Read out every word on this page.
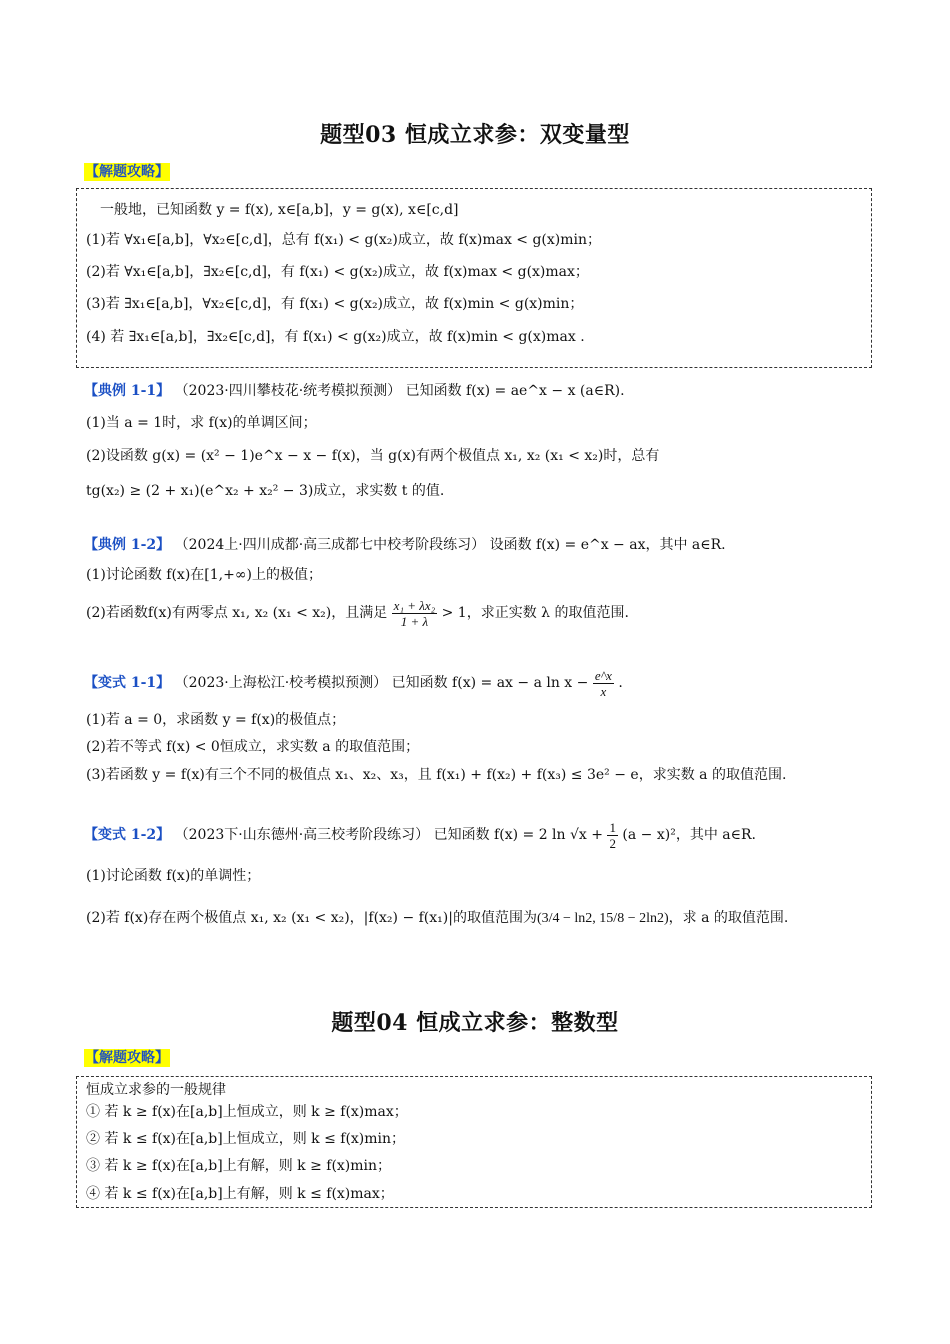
题型03 恒成立求参：双变量型
【解题攻略】
一般地，已知函数 y = f(x), x∈[a,b]，y = g(x), x∈[c,d]
(1)若 ∀x₁∈[a,b]，∀x₂∈[c,d]，总有 f(x₁) < g(x₂)成立，故 f(x)max < g(x)min；
(2)若 ∀x₁∈[a,b]，∃x₂∈[c,d]，有 f(x₁) < g(x₂)成立，故 f(x)max < g(x)max；
(3)若 ∃x₁∈[a,b]，∀x₂∈[c,d]，有 f(x₁) < g(x₂)成立，故 f(x)min < g(x)min；
(4) 若 ∃x₁∈[a,b]，∃x₂∈[c,d]，有 f(x₁) < g(x₂)成立，故 f(x)min < g(x)max .
【典例 1-1】 （2023·四川攀枝花·统考模拟预测） 已知函数 f(x) = ae^x − x (a∈R).
(1)当 a = 1时，求 f(x)的单调区间；
(2)设函数 g(x) = (x² − 1)e^x − x − f(x)，当 g(x)有两个极值点 x₁, x₂ (x₁ < x₂)时，总有
tg(x₂) ≥ (2 + x₁)(e^x₂ + x₂² − 3)成立，求实数 t 的值.
【典例 1-2】 （2024上·四川成都·高三成都七中校考阶段练习） 设函数 f(x) = e^x − ax，其中 a∈R.
(1)讨论函数 f(x)在[1,+∞)上的极值；
(2)若函数f(x)有两零点 x₁, x₂ (x₁ < x₂)，且满足 $\frac{\text{x₁ + λx₂}}{1 + \lambda} > 1$，求正实数 λ 的取值范围.
【变式 1-1】 （2023·上海松江·校考模拟预测） 已知函数 f(x) = ax − a $\ln x - \frac{e\^{}x}{x}$ .
(1)若 a = 0，求函数 y = f(x)的极值点；
(2)若不等式 f(x) < 0恒成立，求实数 a 的取值范围；
(3)若函数 y = f(x)有三个不同的极值点 x₁、x₂、x₃，且 f(x₁) + f(x₂) + f(x₃) ≤ 3e² − e，求实数 a 的取值范围.
【变式 1-2】 （2023下·山东德州·高三校考阶段练习） 已知函数 f(x) = 2 $\ln √x + \frac{1}{2} (a - x)^2$，其中 a∈R.
(1)讨论函数 f(x)的单调性；
(2)若 f(x)存在两个极值点 x₁, x₂ (x₁ < x₂)，|f(x₂) − f(x₁)|的取值范围为(3/4 − ln2, 15/8 − 2ln2)，求 a 的取值范围.
题型04 恒成立求参：整数型
【解题攻略】
恒成立求参的一般规律
① 若 k ≥ f(x)在[a,b]上恒成立，则 k ≥ f(x)max；
② 若 k ≤ f(x)在[a,b]上恒成立，则 k ≤ f(x)min；
③ 若 k ≥ f(x)在[a,b]上有解，则 k ≥ f(x)min；
④ 若 k ≤ f(x)在[a,b]上有解，则 k ≤ f(x)max；
